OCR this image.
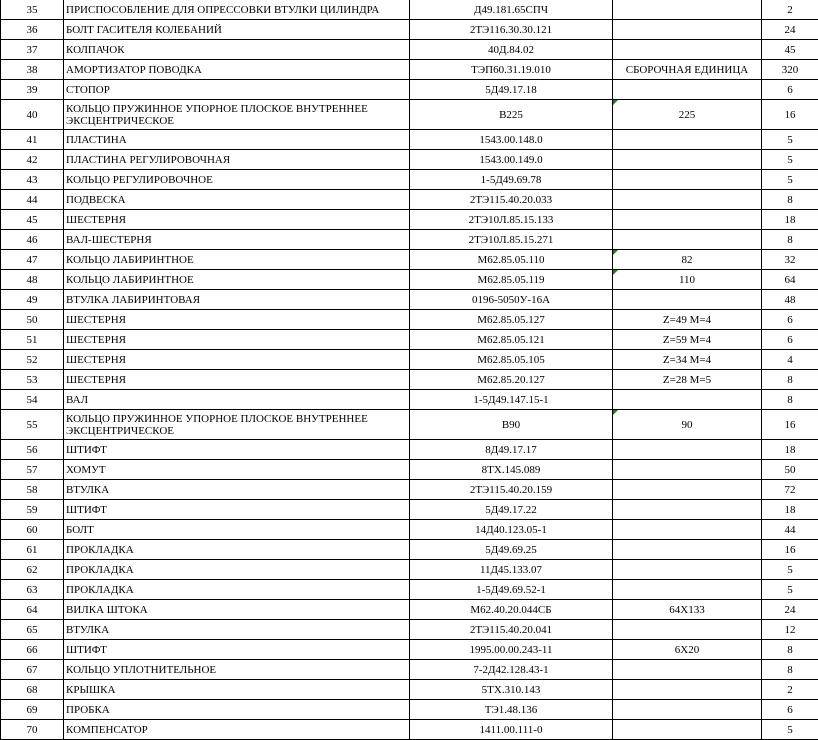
35	ПРИСПОСОБЛЕНИЕ ДЛЯ ОПРЕССОВКИ ВТУЛКИ ЦИЛИНДРА	Д49.181.65СПЧ		2
36	БОЛТ ГАСИТЕЛЯ КОЛЕБАНИЙ	2ТЭ116.30.30.121		24
37	КОЛПАЧОК	40Д.84.02		45
38	АМОРТИЗАТОР ПОВОДКА	ТЭП60.31.19.010	СБОРОЧНАЯ ЕДИНИЦА	320
39	СТОПОР	5Д49.17.18		6
40	КОЛЬЦО ПРУЖИННОЕ УПОРНОЕ ПЛОСКОЕ ВНУТРЕННЕЕ ЭКСЦЕНТРИЧЕСКОЕ	В225	225	16
41	ПЛАСТИНА	1543.00.148.0		5
42	ПЛАСТИНА РЕГУЛИРОВОЧНАЯ	1543.00.149.0		5
43	КОЛЬЦО РЕГУЛИРОВОЧНОЕ	1-5Д49.69.78		5
44	ПОДВЕСКА	2ТЭ115.40.20.033		8
45	ШЕСТЕРНЯ	2ТЭ10Л.85.15.133		18
46	ВАЛ-ШЕСТЕРНЯ	2ТЭ10Л.85.15.271		8
47	КОЛЬЦО ЛАБИРИНТНОЕ	М62.85.05.110	82	32
48	КОЛЬЦО ЛАБИРИНТНОЕ	М62.85.05.119	110	64
49	ВТУЛКА ЛАБИРИНТОВАЯ	0196-5050У-16А		48
50	ШЕСТЕРНЯ	М62.85.05.127	Z=49 M=4	6
51	ШЕСТЕРНЯ	М62.85.05.121	Z=59 M=4	6
52	ШЕСТЕРНЯ	М62.85.05.105	Z=34 M=4	4
53	ШЕСТЕРНЯ	М62.85.20.127	Z=28 M=5	8
54	ВАЛ	1-5Д49.147.15-1		8
55	КОЛЬЦО ПРУЖИННОЕ УПОРНОЕ ПЛОСКОЕ ВНУТРЕННЕЕ ЭКСЦЕНТРИЧЕСКОЕ	В90	90	16
56	ШТИФТ	8Д49.17.17		18
57	ХОМУТ	8ТХ.145.089		50
58	ВТУЛКА	2ТЭ115.40.20.159		72
59	ШТИФТ	5Д49.17.22		18
60	БОЛТ	14Д40.123.05-1		44
61	ПРОКЛАДКА	5Д49.69.25		16
62	ПРОКЛАДКА	11Д45.133.07		5
63	ПРОКЛАДКА	1-5Д49.69.52-1		5
64	ВИЛКА ШТОКА	М62.40.20.044СБ	64Х133	24
65	ВТУЛКА	2ТЭ115.40.20.041		12
66	ШТИФТ	1995.00.00.243-11	6Х20	8
67	КОЛЬЦО УПЛОТНИТЕЛЬНОЕ	7-2Д42.128.43-1		8
68	КРЫШКА	5ТХ.310.143		2
69	ПРОБКА	ТЭ1.48.136		6
70	КОМПЕНСАТОР	1411.00.111-0		5
